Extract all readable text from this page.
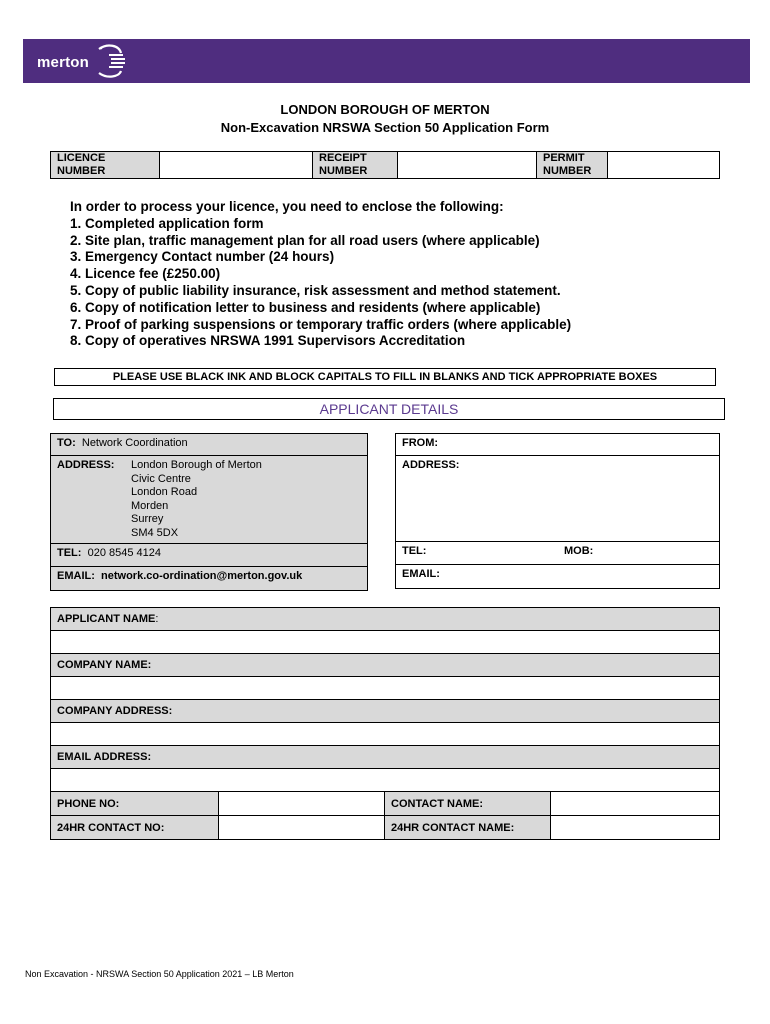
merton
LONDON BOROUGH OF MERTON
Non-Excavation NRSWA Section 50 Application Form
LICENCE NUMBER		RECEIPT NUMBER		PERMIT NUMBER	
In order to process your licence, you need to enclose the following:
1. Completed application form
2. Site plan, traffic management plan for all road users (where applicable)
3. Emergency Contact number (24 hours)
4. Licence fee (£250.00)
5. Copy of public liability insurance, risk assessment and method statement.
6. Copy of notification letter to business and residents (where applicable)
7. Proof of parking suspensions or temporary traffic orders (where applicable)
8. Copy of operatives NRSWA 1991 Supervisors Accreditation
PLEASE USE BLACK INK AND BLOCK CAPITALS TO FILL IN BLANKS AND TICK APPROPRIATE BOXES
APPLICANT DETAILS
TO: Network Coordination
ADDRESS: London Borough of Merton
Civic Centre
London Road
Morden
Surrey
SM4 5DX

TEL: 020 8545 4124
EMAIL: network.co-ordination@merton.gov.uk
FROM:
ADDRESS:
TEL:	MOB:
EMAIL:
APPLICANT NAME:			

COMPANY NAME:			

COMPANY ADDRESS:			

EMAIL ADDRESS:			

PHONE NO:		CONTACT NAME:	
24HR CONTACT NO:		24HR CONTACT NAME:	
Non Excavation - NRSWA Section 50 Application 2021 – LB Merton
